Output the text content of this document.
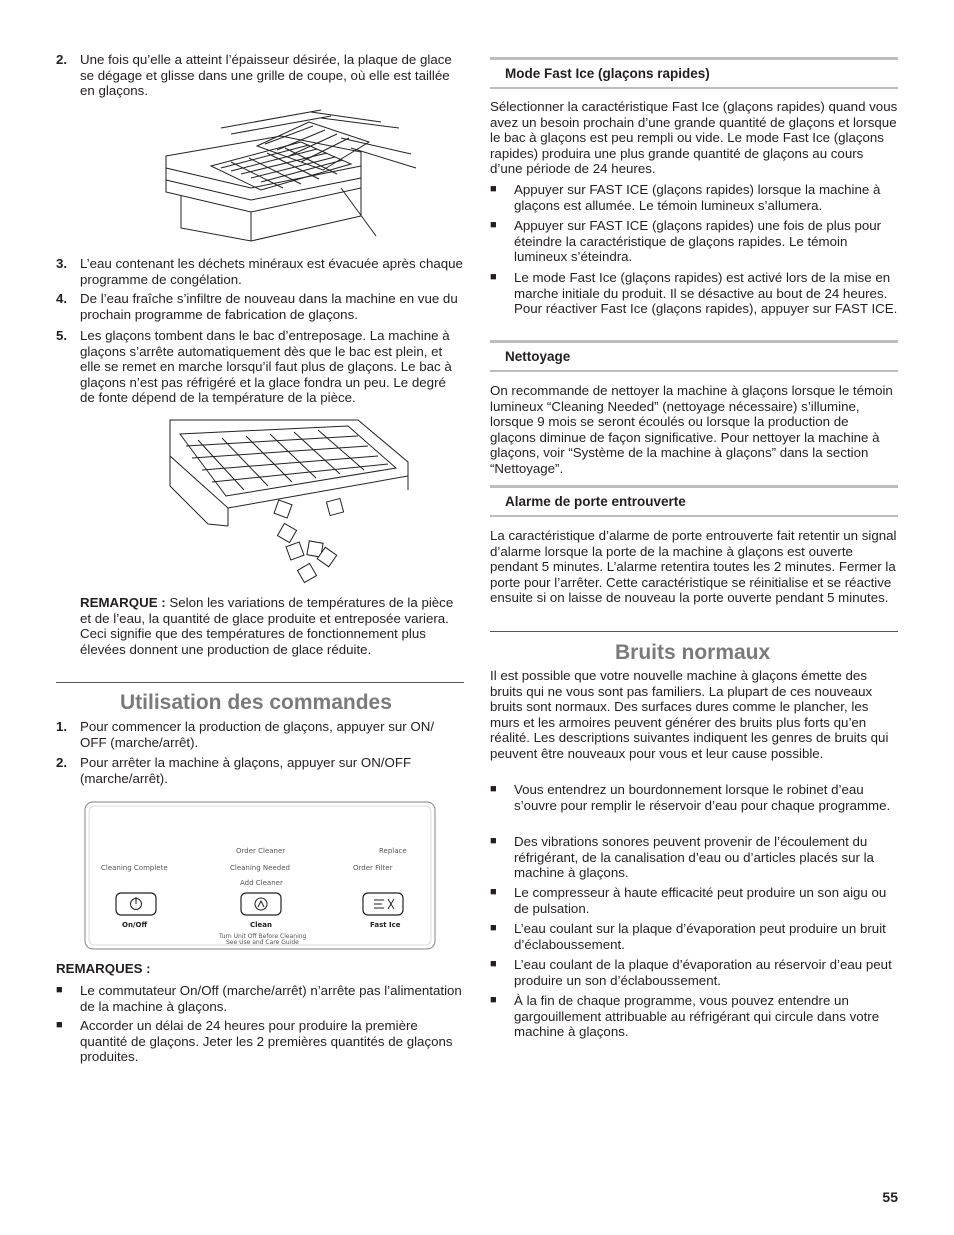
2. Une fois qu’elle a atteint l’épaisseur désirée, la plaque de glace se dégage et glisse dans une grille de coupe, où elle est taillée en glaçons.
3. L’eau contenant les déchets minéraux est évacuée après chaque programme de congélation.
4. De l’eau fraîche s’infiltre de nouveau dans la machine en vue du prochain programme de fabrication de glaçons.
5. Les glaçons tombent dans le bac d’entreposage. La machine à glaçons s’arrête automatiquement dès que le bac est plein, et elle se remet en marche lorsqu’il faut plus de glaçons. Le bac à glaçons n’est pas réfrigéré et la glace fondra un peu. Le degré de fonte dépend de la température de la pièce.
REMARQUE : Selon les variations de températures de la pièce et de l’eau, la quantité de glace produite et entreposée variera. Ceci signifie que des températures de fonctionnement plus élevées donnent une production de glace réduite.
Utilisation des commandes
1. Pour commencer la production de glaçons, appuyer sur ON/ OFF (marche/arrêt).
2. Pour arrêter la machine à glaçons, appuyer sur ON/OFF (marche/arrêt).
Cleaning Complete
Order Cleaner
Cleaning Needed
Add Cleaner
Replace
Order Filter
On/Off	Clean
Turn Unit Off Before Cleaning
See Use and Care Guide
Fast Ice
REMARQUES :
■ Le commutateur On/Off (marche/arrêt) n’arrête pas l’alimentation de la machine à glaçons.
■ Accorder un délai de 24 heures pour produire la première quantité de glaçons. Jeter les 2 premières quantités de glaçons produites.
Mode Fast Ice (glaçons rapides)
Sélectionner la caractéristique Fast Ice (glaçons rapides) quand vous avez un besoin prochain d’une grande quantité de glaçons et lorsque le bac à glaçons est peu rempli ou vide. Le mode Fast Ice (glaçons rapides) produira une plus grande quantité de glaçons au cours d’une période de 24 heures.
■ Appuyer sur FAST ICE (glaçons rapides) lorsque la machine à glaçons est allumée. Le témoin lumineux s’allumera.
■ Appuyer sur FAST ICE (glaçons rapides) une fois de plus pour éteindre la caractéristique de glaçons rapides. Le témoin lumineux s’éteindra.
■ Le mode Fast Ice (glaçons rapides) est activé lors de la mise en marche initiale du produit. Il se désactive au bout de 24 heures. Pour réactiver Fast Ice (glaçons rapides), appuyer sur FAST ICE.
Nettoyage
On recommande de nettoyer la machine à glaçons lorsque le témoin lumineux “Cleaning Needed” (nettoyage nécessaire) s’illumine, lorsque 9 mois se seront écoulés ou lorsque la production de glaçons diminue de façon significative. Pour nettoyer la machine à glaçons, voir “Système de la machine à glaçons” dans la section “Nettoyage”.
Alarme de porte entrouverte
La caractéristique d’alarme de porte entrouverte fait retentir un signal d’alarme lorsque la porte de la machine à glaçons est ouverte pendant 5 minutes. L’alarme retentira toutes les 2 minutes. Fermer la porte pour l’arrêter. Cette caractéristique se réinitialise et se réactive ensuite si on laisse de nouveau la porte ouverte pendant 5 minutes.
Bruits normaux
Il est possible que votre nouvelle machine à glaçons émette des bruits qui ne vous sont pas familiers. La plupart de ces nouveaux bruits sont normaux. Des surfaces dures comme le plancher, les murs et les armoires peuvent générer des bruits plus forts qu’en réalité. Les descriptions suivantes indiquent les genres de bruits qui peuvent être nouveaux pour vous et leur cause possible.
■ Vous entendrez un bourdonnement lorsque le robinet d’eau s’ouvre pour remplir le réservoir d’eau pour chaque programme.
■ Des vibrations sonores peuvent provenir de l’écoulement du réfrigérant, de la canalisation d’eau ou d’articles placés sur la machine à glaçons.
■ Le compresseur à haute efficacité peut produire un son aigu ou de pulsation.
■ L’eau coulant sur la plaque d’évaporation peut produire un bruit d’éclaboussement.
■ L’eau coulant de la plaque d’évaporation au réservoir d’eau peut produire un son d’éclaboussement.
■ À la fin de chaque programme, vous pouvez entendre un gargouillement attribuable au réfrigérant qui circule dans votre machine à glaçons.
55
